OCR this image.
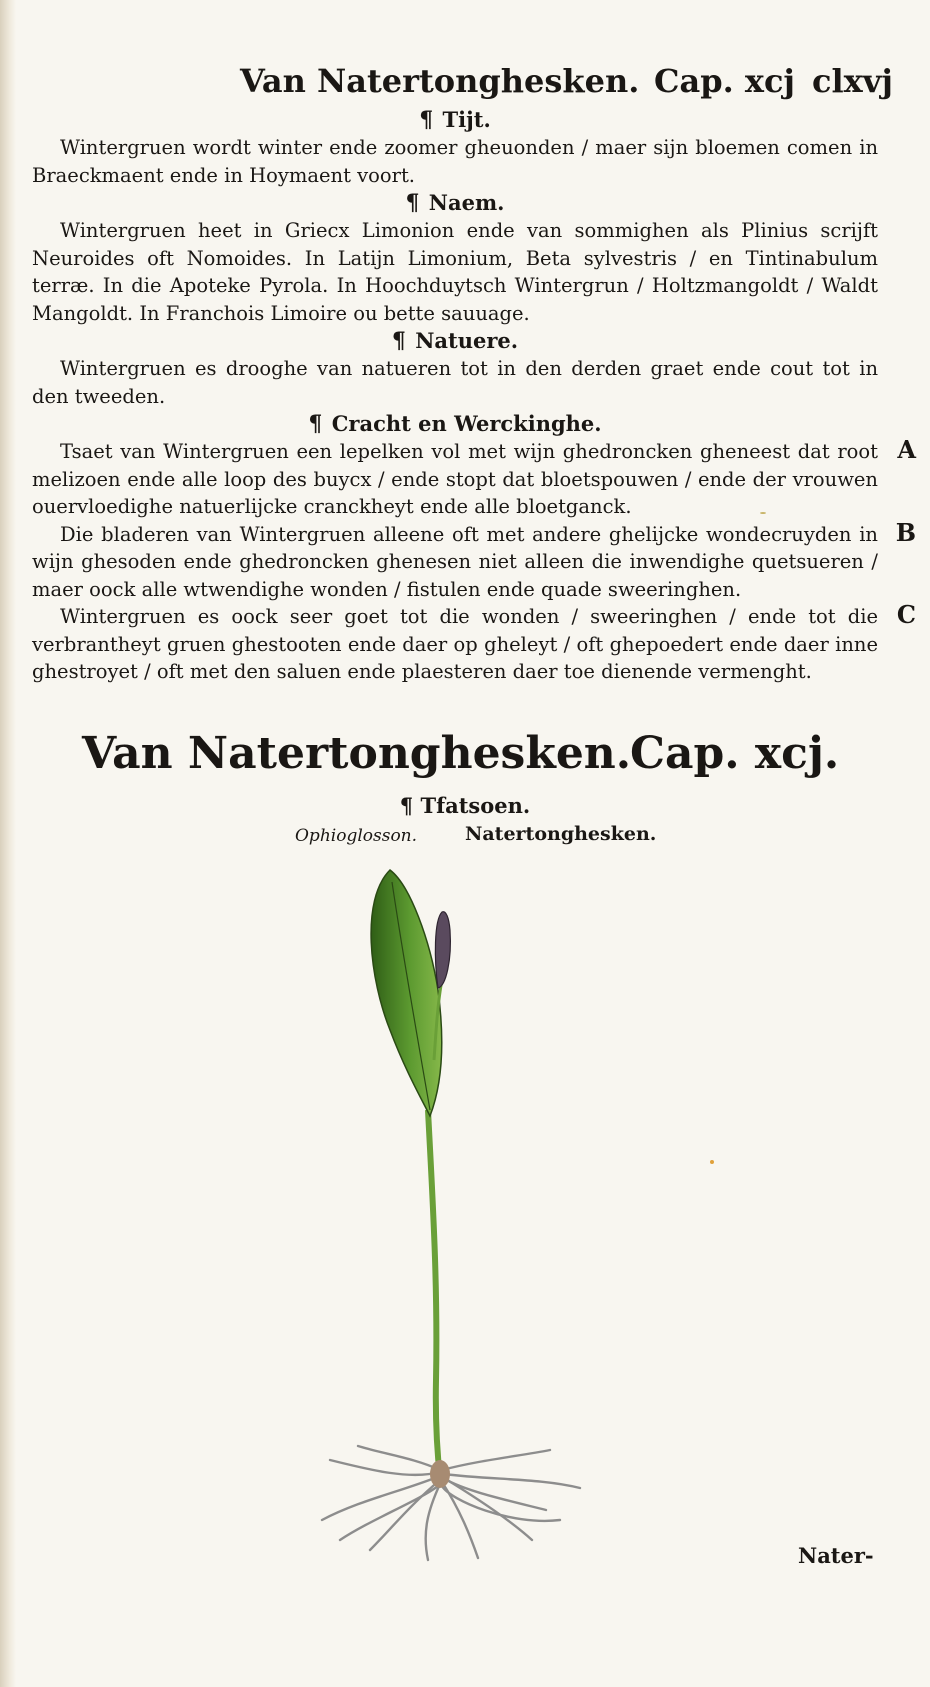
Van Natertonghesken. Cap. xcj clxvj
¶ Tijt.

Wintergruen wordt winter ende zoomer gheuonden / maer sijn bloemen comen in Braeckmaent ende in Hoymaent voort.

¶ Naem.

Wintergruen heet in Griecx Limonion ende van sommighen als Plinius scrijft Neuroides oft Nomoides. In Latijn Limonium, Beta sylvestris / en Tintinabulum terræ. In die Apoteke Pyrola. In Hoochduytsch Wintergrun / Holtzmangoldt / Waldt Mangoldt. In Franchois Limoire ou bette sauuage.

¶ Natuere.

Wintergruen es drooghe van natueren tot in den derden graet ende cout tot in den tweeden.

¶ Cracht en Werckinghe.
A

Tsaet van Wintergruen een lepelken vol met wijn ghedroncken gheneest dat root melizoen ende alle loop des buycx / ende stopt dat bloetspouwen / ende der vrouwen ouervloedighe natuerlijcke cranckheyt ende alle bloetganck.

B

Die bladeren van Wintergruen alleene oft met andere ghelijcke wondecruyden in wijn ghesoden ende ghedroncken ghenesen niet alleen die inwendighe quetsueren / maer oock alle wtwendighe wonden / fistulen ende quade sweeringhen.

C

Wintergruen es oock seer goet tot die wonden / sweeringhen / ende tot die verbrantheyt gruen ghestooten ende daer op gheleyt / oft ghepoedert ende daer inne ghestroyet / oft met den saluen ende plaesteren daer toe dienende vermenght.

Van Natertonghesken.
Cap. xcj.
¶ Tfatsoen.
Ophioglosson.	Natertonghesken.
Nater-
